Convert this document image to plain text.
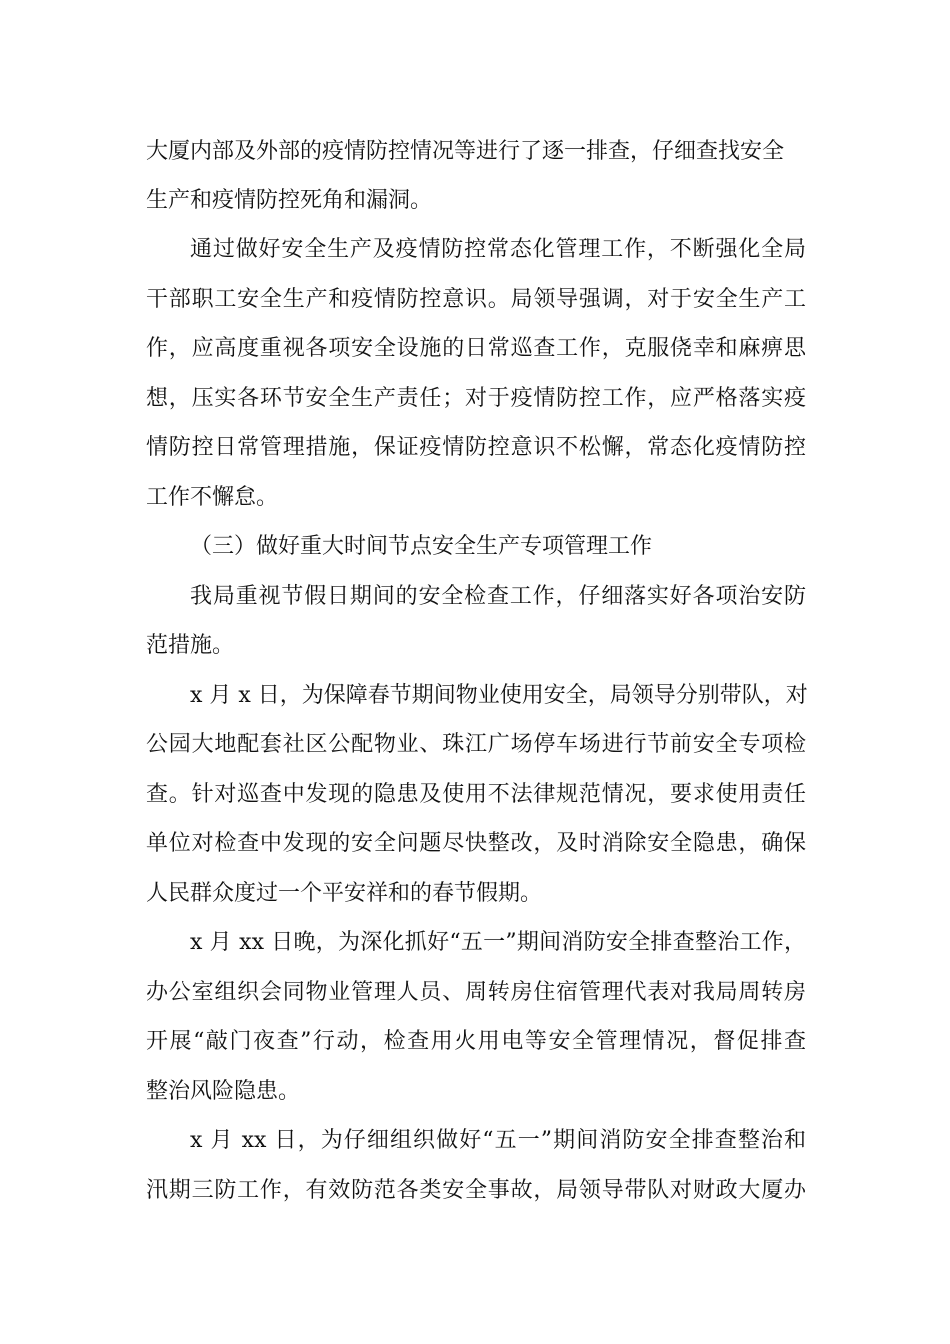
大厦内部及外部的疫情防控情况等进行了逐一排查，仔细查找安全
生产和疫情防控死角和漏洞。
通过做好安全生产及疫情防控常态化管理工作，不断强化全局
干部职工安全生产和疫情防控意识。局领导强调，对于安全生产工
作，应高度重视各项安全设施的日常巡查工作，克服侥幸和麻痹思
想，压实各环节安全生产责任；对于疫情防控工作，应严格落实疫
情防控日常管理措施，保证疫情防控意识不松懈，常态化疫情防控
工作不懈怠。
（三）做好重大时间节点安全生产专项管理工作
我局重视节假日期间的安全检查工作，仔细落实好各项治安防
范措施。
x 月 x 日，为保障春节期间物业使用安全，局领导分别带队，对
公园大地配套社区公配物业、珠江广场停车场进行节前安全专项检
查。针对巡查中发现的隐患及使用不法律规范情况，要求使用责任
单位对检查中发现的安全问题尽快整改，及时消除安全隐患，确保
人民群众度过一个平安祥和的春节假期。
x 月 xx 日晚，为深化抓好“五一”期间消防安全排查整治工作，
办公室组织会同物业管理人员、周转房住宿管理代表对我局周转房
开展“敲门夜查”行动，检查用火用电等安全管理情况，督促排查
整治风险隐患。
x 月 xx 日，为仔细组织做好“五一”期间消防安全排查整治和
汛期三防工作，有效防范各类安全事故，局领导带队对财政大厦办
